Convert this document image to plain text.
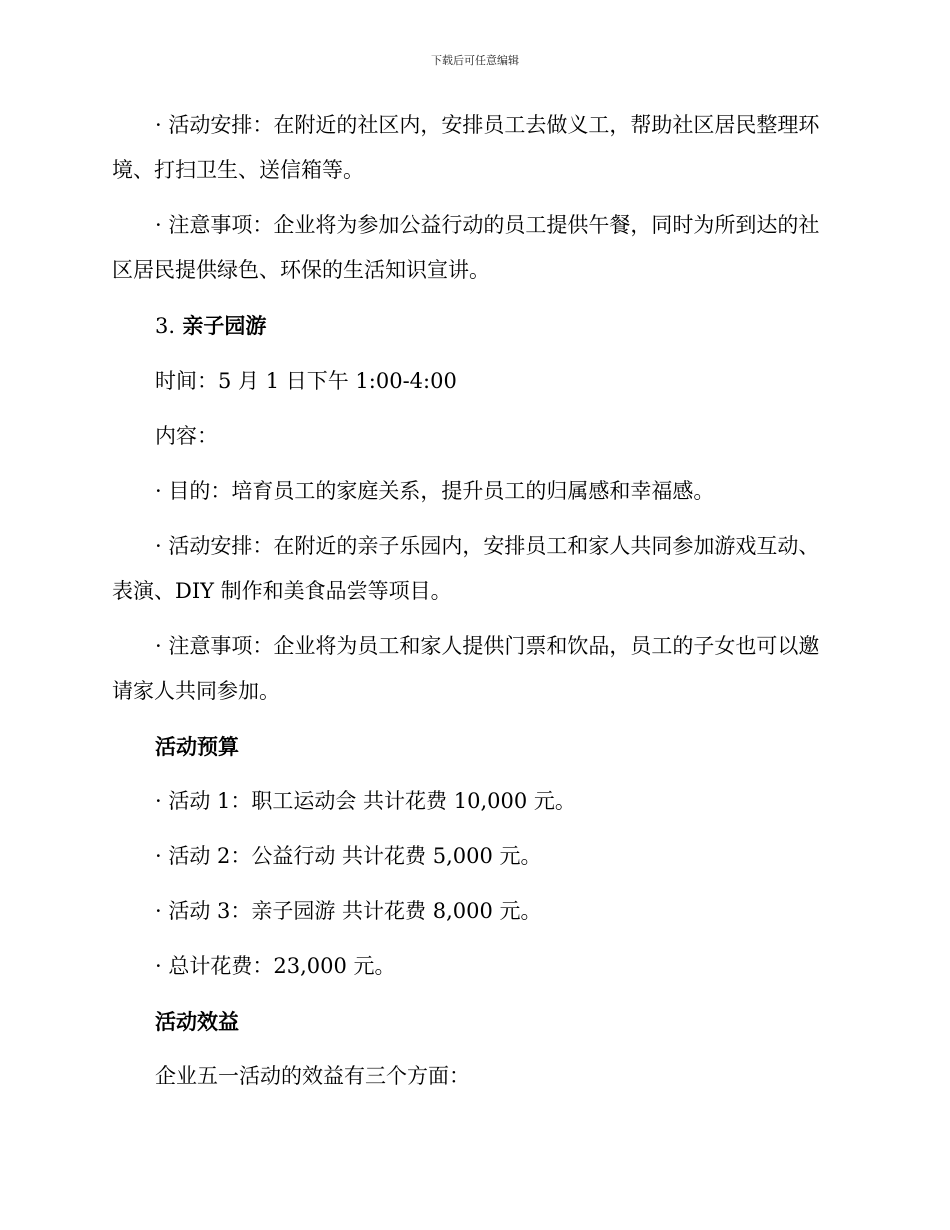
下载后可任意编辑

· 活动安排：在附近的社区内，安排员工去做义工，帮助社区居民整理环境、打扫卫生、送信箱等。

· 注意事项：企业将为参加公益行动的员工提供午餐，同时为所到达的社区居民提供绿色、环保的生活知识宣讲。

3. 亲子园游

时间：5 月 1 日下午 1:00-4:00

内容：

· 目的：培育员工的家庭关系，提升员工的归属感和幸福感。

· 活动安排：在附近的亲子乐园内，安排员工和家人共同参加游戏互动、表演、DIY 制作和美食品尝等项目。

· 注意事项：企业将为员工和家人提供门票和饮品，员工的子女也可以邀请家人共同参加。

活动预算

· 活动 1：职工运动会 共计花费 10,000 元。

· 活动 2：公益行动 共计花费 5,000 元。

· 活动 3：亲子园游 共计花费 8,000 元。

· 总计花费：23,000 元。

活动效益

企业五一活动的效益有三个方面：
